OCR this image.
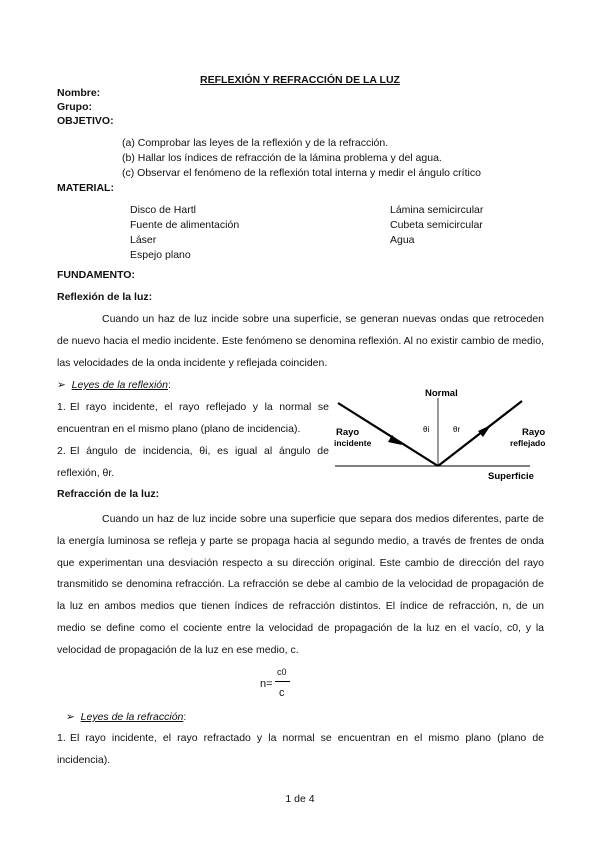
REFLEXIÓN Y REFRACCIÓN DE LA LUZ
Nombre:
Grupo:
OBJETIVO:
(a) Comprobar las leyes de la reflexión y de la refracción.
(b) Hallar los índices de refracción de la lámina problema y del agua.
(c) Observar el fenómeno de la reflexión total interna y medir el ángulo crítico
MATERIAL:
Disco de Hartl
Fuente de alimentación
Láser
Espejo plano
Lámina semicircular
Cubeta semicircular
Agua
FUNDAMENTO:
Reflexión de la luz:
Cuando un haz de luz incide sobre una superficie, se generan nuevas ondas que retroceden de nuevo hacia el medio incidente. Este fenómeno se denomina reflexión. Al no existir cambio de medio, las velocidades de la onda incidente y reflejada coinciden.
➢ Leyes de la reflexión:
1. El rayo incidente, el rayo reflejado y la normal se encuentran en el mismo plano (plano de incidencia).
2. El ángulo de incidencia, θi, es igual al ángulo de reflexión, θr.
Normal
Rayo
incidente
Rayo
reflejado
θi	θr
Superficie
Refracción de la luz:
Cuando un haz de luz incide sobre una superficie que separa dos medios diferentes, parte de la energía luminosa se refleja y parte se propaga hacia al segundo medio, a través de frentes de onda que experimentan una desviación respecto a su dirección original. Este cambio de dirección del rayo transmitido se denomina refracción. La refracción se debe al cambio de la velocidad de propagación de la luz en ambos medios que tienen índices de refracción distintos. El índice de refracción, n, de un medio se define como el cociente entre la velocidad de propagación de la luz en el vacío, c0, y la velocidad de propagación de la luz en ese medio, c.
n=
c0
c
➢ Leyes de la refracción:
1. El rayo incidente, el rayo refractado y la normal se encuentran en el mismo plano (plano de incidencia).
1 de 4
